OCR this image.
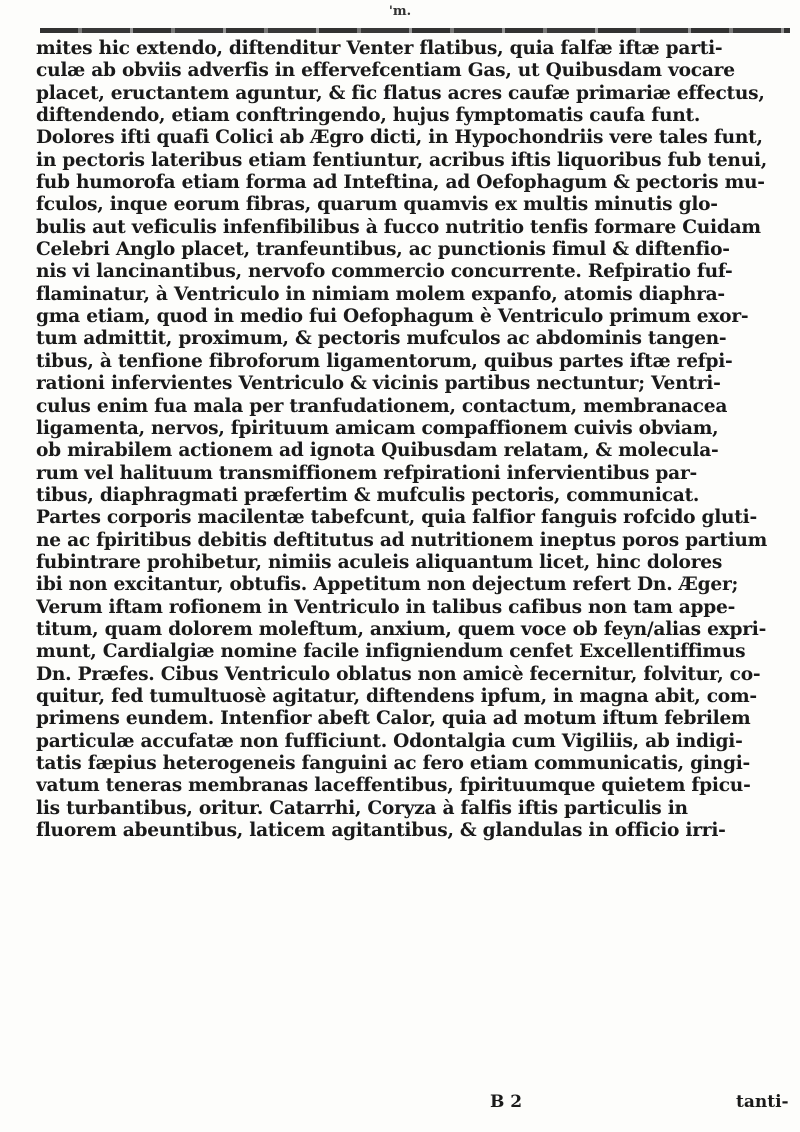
'm.
mites hic extendo, diftenditur Venter flatibus, quia falfæ iftæ parti-
culæ ab obviis adverfis in effervefcentiam Gas, ut Quibusdam vocare
placet, eructantem aguntur, & fic flatus acres caufæ primariæ effectus,
diftendendo, etiam conftringendo, hujus fymptomatis caufa funt.
Dolores ifti quafi Colici ab Ægro dicti, in Hypochondriis vere tales funt,
in pectoris lateribus etiam fentiuntur, acribus iftis liquoribus fub tenui,
fub humorofa etiam forma ad Inteftina, ad Oefophagum & pectoris mu-
fculos, inque eorum fibras, quarum quamvis ex multis minutis glo-
bulis aut veficulis infenfibilibus à fucco nutritio tenfis formare Cuidam
Celebri Anglo placet, tranfeuntibus, ac punctionis fimul & diftenfio-
nis vi lancinantibus, nervofo commercio concurrente. Refpiratio fuf-
flaminatur, à Ventriculo in nimiam molem expanfo, atomis diaphra-
gma etiam, quod in medio fui Oefophagum è Ventriculo primum exor-
tum admittit, proximum, & pectoris mufculos ac abdominis tangen-
tibus, à tenfione fibroforum ligamentorum, quibus partes iftæ refpi-
rationi infervientes Ventriculo & vicinis partibus nectuntur; Ventri-
culus enim fua mala per tranfudationem, contactum, membranacea
ligamenta, nervos, fpirituum amicam compaffionem cuivis obviam,
ob mirabilem actionem ad ignota Quibusdam relatam, & molecula-
rum vel halituum transmiffionem refpirationi infervientibus par-
tibus, diaphragmati præfertim & mufculis pectoris, communicat.
Partes corporis macilentæ tabefcunt, quia falfior fanguis rofcido gluti-
ne ac fpiritibus debitis deftitutus ad nutritionem ineptus poros partium
fubintrare prohibetur, nimiis aculeis aliquantum licet, hinc dolores
ibi non excitantur, obtufis. Appetitum non dejectum refert Dn. Æger;
Verum iftam rofionem in Ventriculo in talibus cafibus non tam appe-
titum, quam dolorem moleftum, anxium, quem voce ob feyn/alias expri-
munt, Cardialgiæ nomine facile infigniendum cenfet Excellentiffimus
Dn. Præfes. Cibus Ventriculo oblatus non amicè fecernitur, folvitur, co-
quitur, fed tumultuosè agitatur, diftendens ipfum, in magna abit, com-
primens eundem. Intenfior abeft Calor, quia ad motum iftum febrilem
particulæ accufatæ non fufficiunt. Odontalgia cum Vigiliis, ab indigi-
tatis fæpius heterogeneis fanguini ac fero etiam communicatis, gingi-
vatum teneras membranas laceffentibus, fpirituumque quietem fpicu-
lis turbantibus, oritur. Catarrhi, Coryza à falfis iftis particulis in
fluorem abeuntibus, laticem agitantibus, & glandulas in officio irri-
B 2	tanti-
